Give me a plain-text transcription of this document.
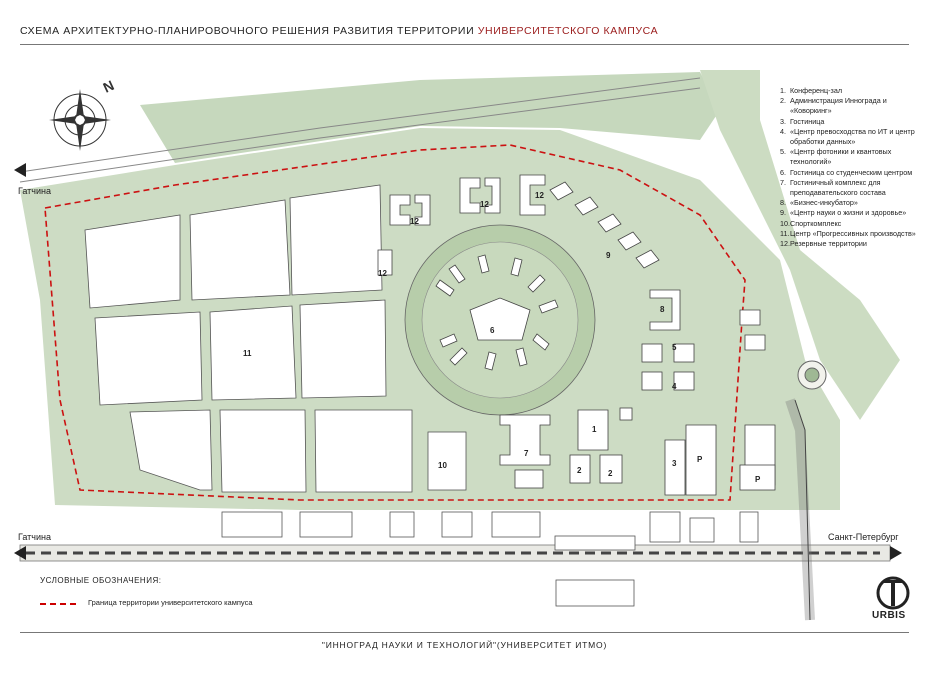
СХЕМА АРХИТЕКТУРНО-ПЛАНИРОВОЧНОГО РЕШЕНИЯ РАЗВИТИЯ ТЕРРИТОРИИ УНИВЕРСИТЕТСКОГО КАМПУСА
12
12
12
12
9
8
6
5
4
1
2	2
3	P
P
7
10
11
N
Гатчина
Гатчина	Санкт-Петербург
1. Конференц-зал
2. Администрация Иннограда и «Коворкинг»
3. Гостиница
4. «Центр превосходства по ИТ и центр обработки данных»
5. «Центр фотоники и квантовых технологий»
6. Гостиница со студенческим центром
7. Гостиничный комплекс для преподавательского состава
8. «Бизнес-инкубатор»
9. «Центр науки о жизни и здоровье»
10. Спорткомплекс
11. Центр «Прогрессивных производств»
12. Резервные территории
УСЛОВНЫЕ ОБОЗНАЧЕНИЯ:
Граница территории университетского кампуса
URBIS
"ИННОГРАД НАУКИ И ТЕХНОЛОГИЙ"(УНИВЕРСИТЕТ ИТМО)
